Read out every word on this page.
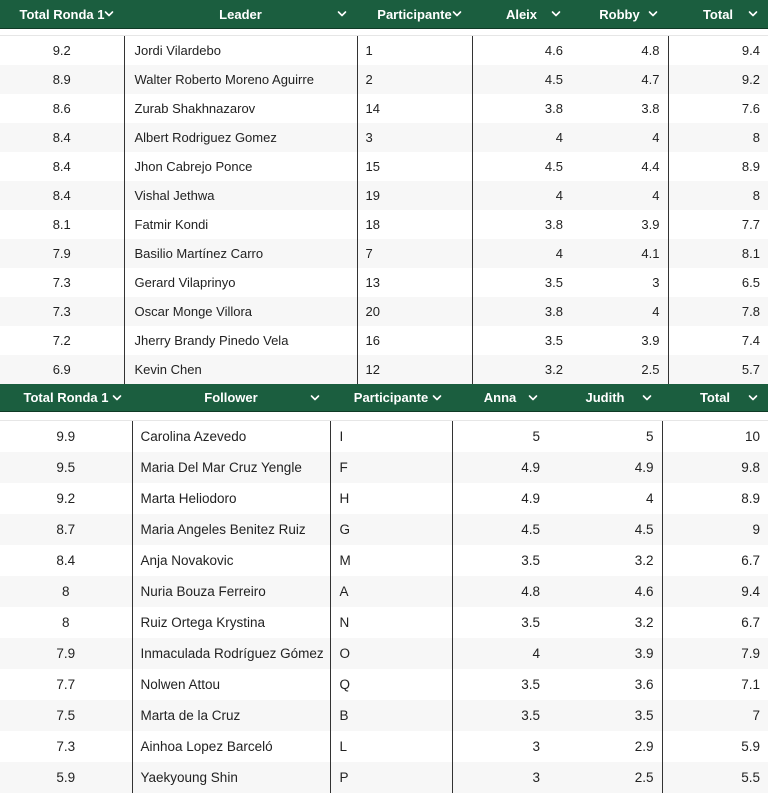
Total Ronda 1	Leader	Participante	Aleix	Robby	Total

9.2	Jordi Vilardebo	1	4.6	4.8	9.4
8.9	Walter Roberto Moreno Aguirre	2	4.5	4.7	9.2
8.6	Zurab Shakhnazarov	14	3.8	3.8	7.6
8.4	Albert Rodriguez Gomez	3	4	4	8
8.4	Jhon Cabrejo Ponce	15	4.5	4.4	8.9
8.4	Vishal Jethwa	19	4	4	8
8.1	Fatmir Kondi	18	3.8	3.9	7.7
7.9	Basilio Martínez Carro	7	4	4.1	8.1
7.3	Gerard Vilaprinyo	13	3.5	3	6.5
7.3	Oscar Monge Villora	20	3.8	4	7.8
7.2	Jherry Brandy Pinedo Vela	16	3.5	3.9	7.4
6.9	Kevin Chen	12	3.2	2.5	5.7
Total Ronda 1	Follower	Participante	Anna	Judith	Total

9.9	Carolina Azevedo	I	5	5	10
9.5	Maria Del Mar Cruz Yengle	F	4.9	4.9	9.8
9.2	Marta Heliodoro	H	4.9	4	8.9
8.7	Maria Angeles Benitez Ruiz	G	4.5	4.5	9
8.4	Anja Novakovic	M	3.5	3.2	6.7
8	Nuria Bouza Ferreiro	A	4.8	4.6	9.4
8	Ruiz Ortega Krystina	N	3.5	3.2	6.7
7.9	Inmaculada Rodríguez Gómez	O	4	3.9	7.9
7.7	Nolwen Attou	Q	3.5	3.6	7.1
7.5	Marta de la Cruz	B	3.5	3.5	7
7.3	Ainhoa Lopez Barceló	L	3	2.9	5.9
5.9	Yaekyoung Shin	P	3	2.5	5.5
